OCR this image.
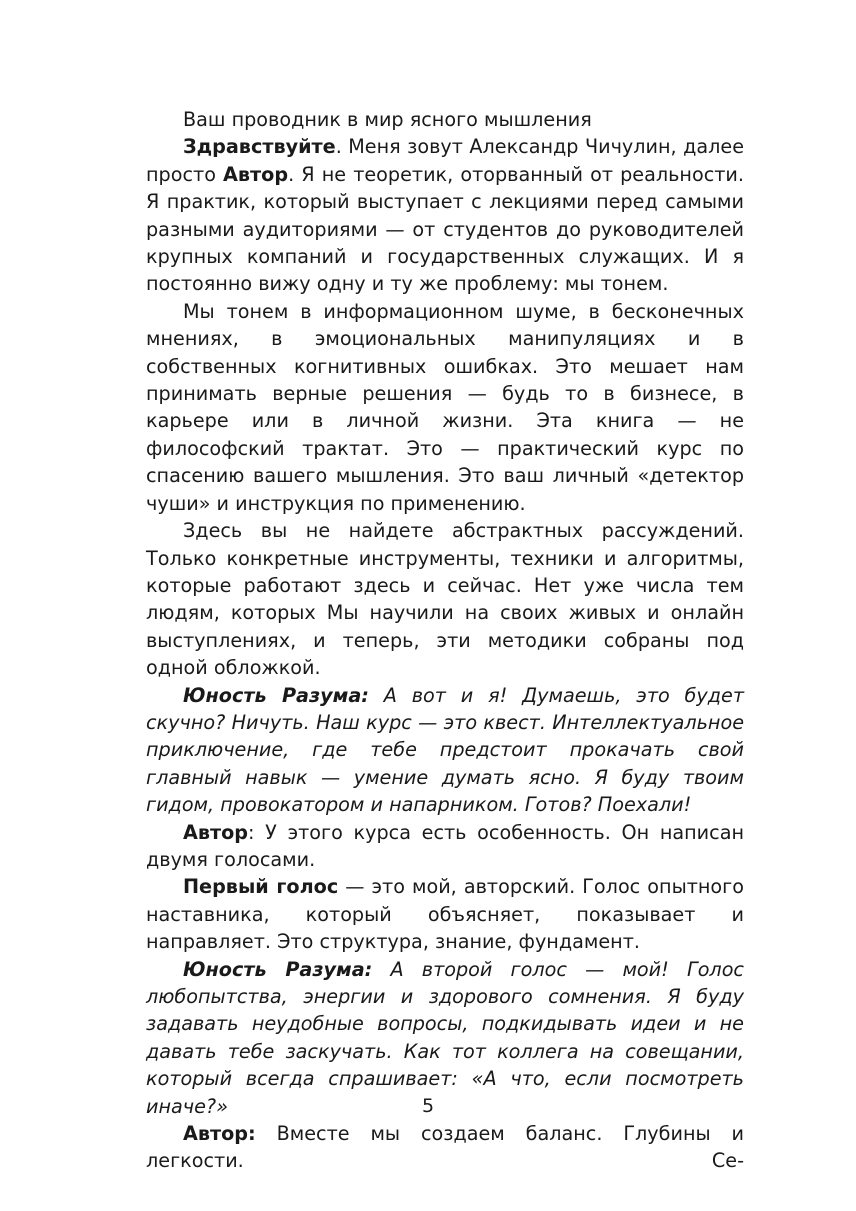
Ваш проводник в мир ясного мышления

Здравствуйте. Меня зовут Александр Чичулин, далее просто Автор. Я не теоретик, оторванный от реальности. Я практик, который выступает с лекциями перед самыми разными аудиториями — от студентов до руководителей крупных компаний и государственных служащих. И я постоянно вижу одну и ту же проблему: мы тонем.

Мы тонем в информационном шуме, в бесконечных мнениях, в эмоциональных манипуляциях и в собственных когнитивных ошибках. Это мешает нам принимать верные решения — будь то в бизнесе, в карьере или в личной жизни. Эта книга — не философский трактат. Это — практический курс по спасению вашего мышления. Это ваш личный «детектор чуши» и инструкция по применению.

Здесь вы не найдете абстрактных рассуждений. Только конкретные инструменты, техники и алгоритмы, которые работают здесь и сейчас. Нет уже числа тем людям, которых Мы научили на своих живых и онлайн выступлениях, и теперь, эти методики собраны под одной обложкой.

Юность Разума: А вот и я! Думаешь, это будет скучно? Ничуть. Наш курс — это квест. Интеллектуальное приключение, где тебе предстоит прокачать свой главный навык — умение думать ясно. Я буду твоим гидом, провокатором и напарником. Готов? Поехали!

Автор: У этого курса есть особенность. Он написан двумя голосами.

Первый голос — это мой, авторский. Голос опытного наставника, который объясняет, показывает и направляет. Это структура, знание, фундамент.

Юность Разума: А второй голос — мой! Голос любопытства, энергии и здорового сомнения. Я буду задавать неудобные вопросы, подкидывать идеи и не давать тебе заскучать. Как тот коллега на совещании, который всегда спрашивает: «А что, если посмотреть иначе?»

Автор: Вместе мы создаем баланс. Глубины и легкости. Се-

5
